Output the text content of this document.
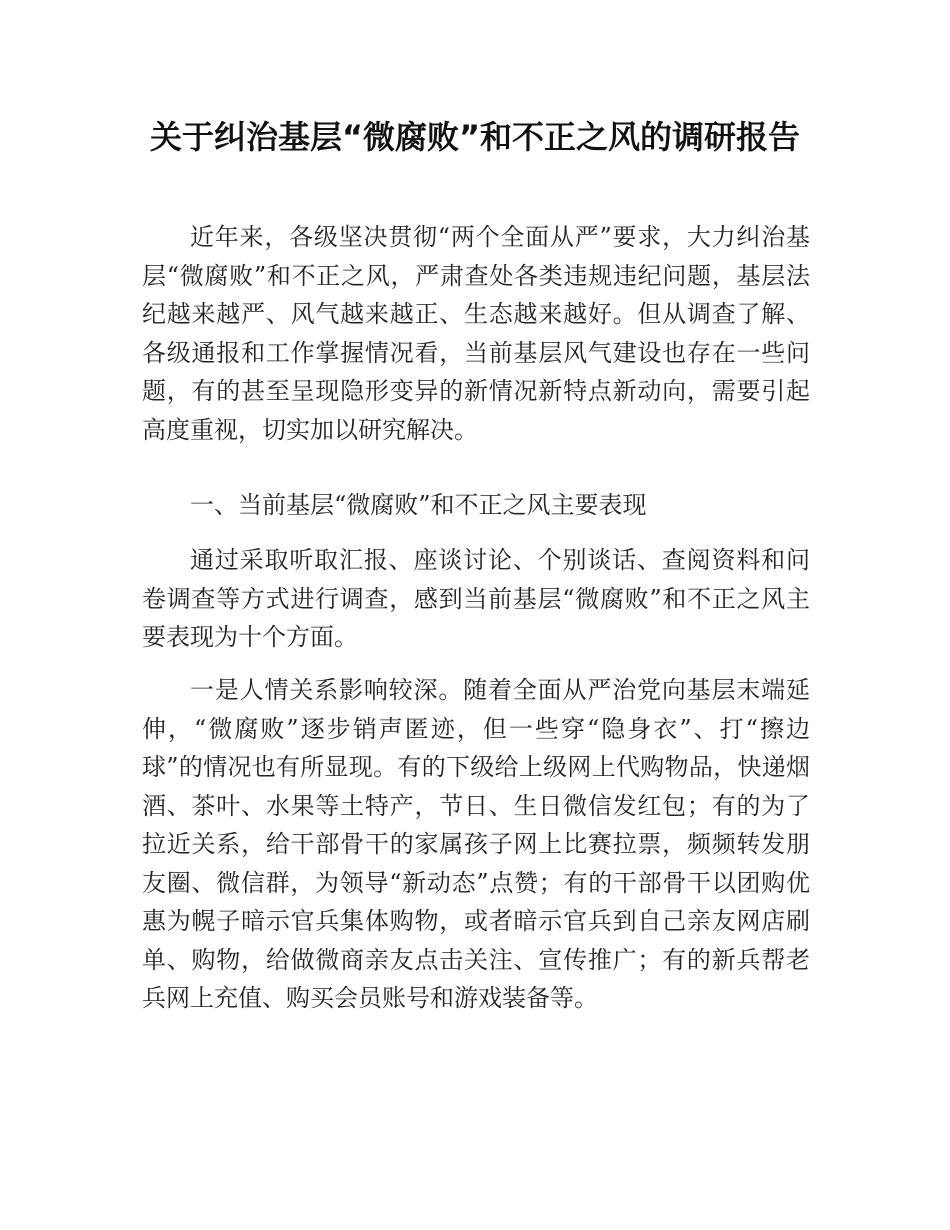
关于纠治基层“微腐败”和不正之风的调研报告

近年来，各级坚决贯彻“两个全面从严”要求，大力纠治基层“微腐败”和不正之风，严肃查处各类违规违纪问题，基层法纪越来越严、风气越来越正、生态越来越好。但从调查了解、各级通报和工作掌握情况看，当前基层风气建设也存在一些问题，有的甚至呈现隐形变异的新情况新特点新动向，需要引起高度重视，切实加以研究解决。

一、当前基层“微腐败”和不正之风主要表现

通过采取听取汇报、座谈讨论、个别谈话、查阅资料和问卷调查等方式进行调查，感到当前基层“微腐败”和不正之风主要表现为十个方面。

一是人情关系影响较深。随着全面从严治党向基层末端延伸，“微腐败”逐步销声匿迹，但一些穿“隐身衣”、打“擦边球”的情况也有所显现。有的下级给上级网上代购物品，快递烟酒、茶叶、水果等土特产，节日、生日微信发红包；有的为了拉近关系，给干部骨干的家属孩子网上比赛拉票，频频转发朋友圈、微信群，为领导“新动态”点赞；有的干部骨干以团购优惠为幌子暗示官兵集体购物，或者暗示官兵到自己亲友网店刷单、购物，给做微商亲友点击关注、宣传推广；有的新兵帮老兵网上充值、购买会员账号和游戏装备等。
